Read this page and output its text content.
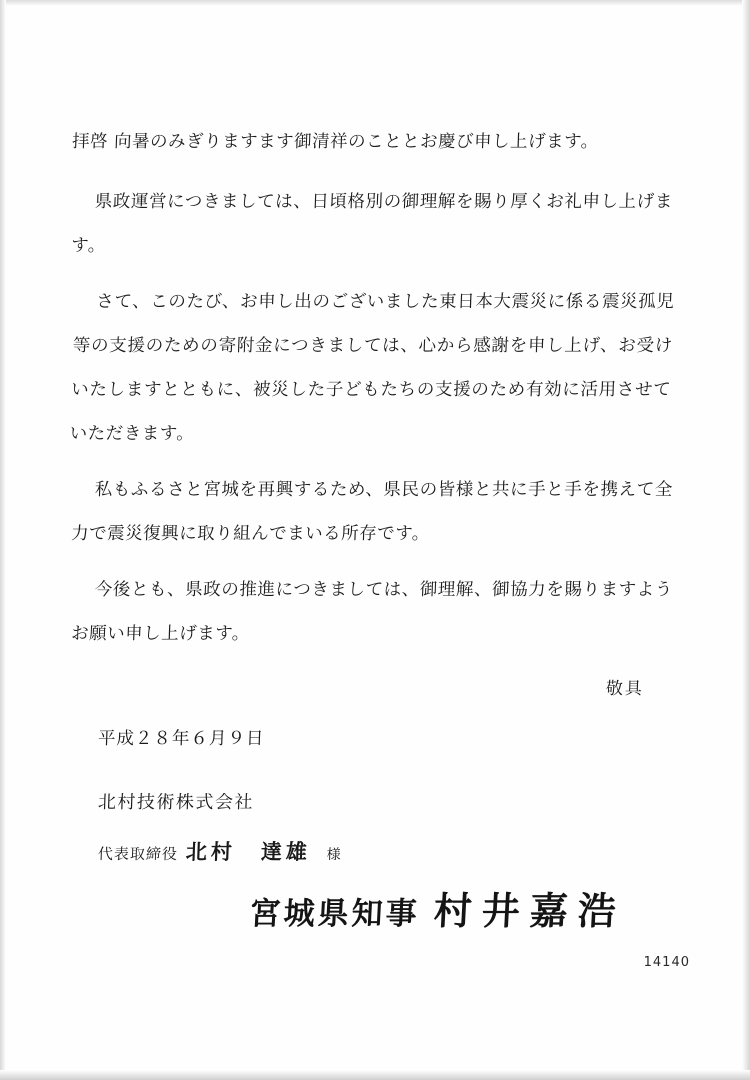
拝啓 向暑のみぎりますます御清祥のこととお慶び申し上げます。

県政運営につきましては、日頃格別の御理解を賜り厚くお礼申し上げます。

さて、このたび、お申し出のございました東日本大震災に係る震災孤児等の支援のための寄附金につきましては、心から感謝を申し上げ、お受けいたしますとともに、被災した子どもたちの支援のため有効に活用させていただきます。

私もふるさと宮城を再興するため、県民の皆様と共に手と手を携えて全力で震災復興に取り組んでまいる所存です。

今後とも、県政の推進につきましては、御理解、御協力を賜りますようお願い申し上げます。

敬具
平成２８年６月９日
北村技術株式会社
代表取締役 北村　達雄 様
宮城県知事 村井嘉浩
14140
